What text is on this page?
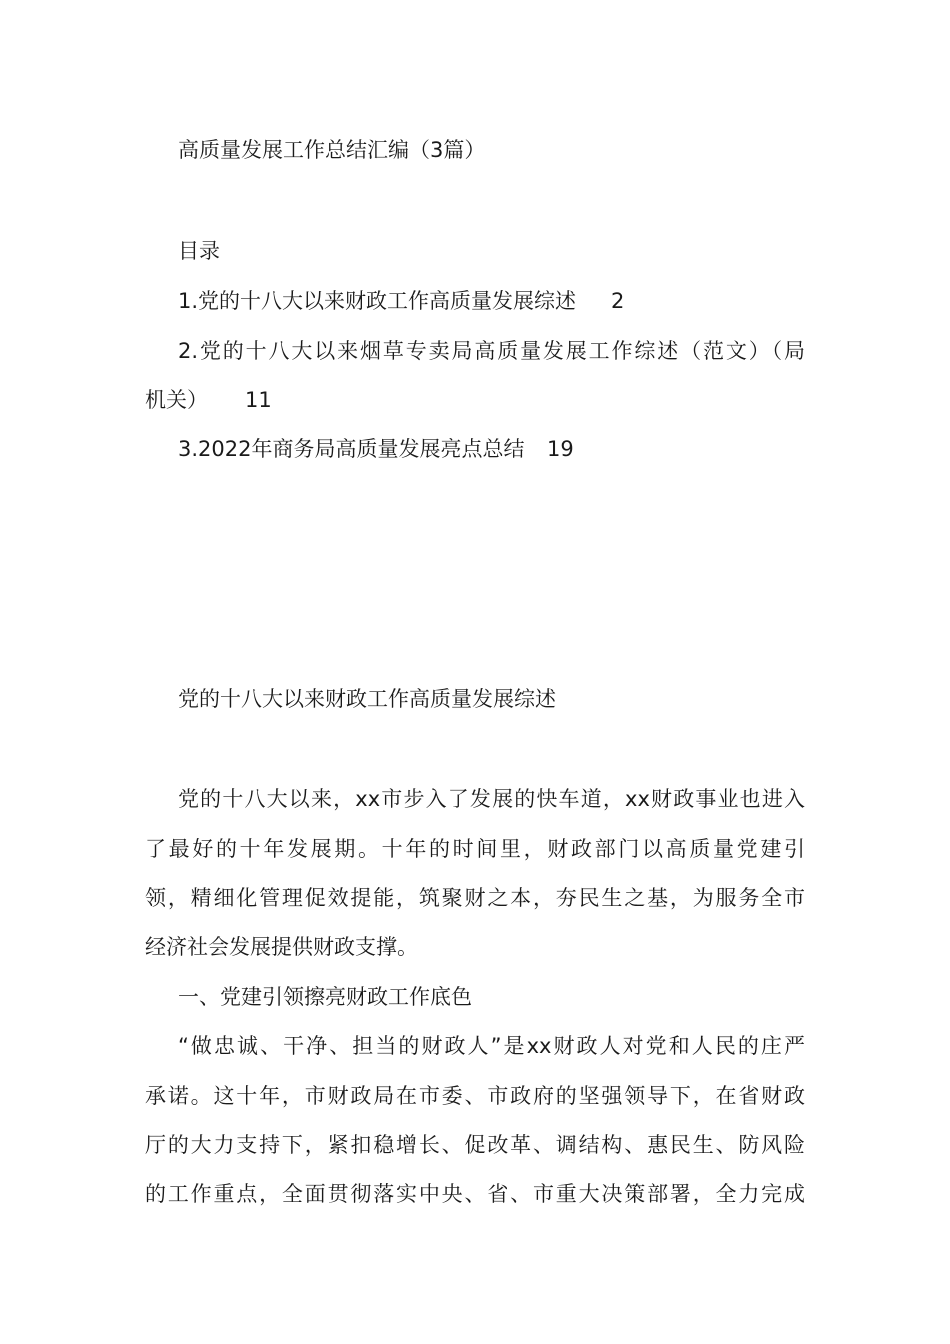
高质量发展工作总结汇编（3篇）
目录
1.党的十八大以来财政工作高质量发展综述 2
2.党的十八大以来烟草专卖局高质量发展工作综述（范文）（局
机关） 11
3.2022年商务局高质量发展亮点总结 19
党的十八大以来财政工作高质量发展综述
党的十八大以来，xx市步入了发展的快车道，xx财政事业也进入
了最好的十年发展期。十年的时间里，财政部门以高质量党建引
领，精细化管理促效提能，筑聚财之本，夯民生之基，为服务全市
经济社会发展提供财政支撑。
一、党建引领擦亮财政工作底色
“做忠诚、干净、担当的财政人”是xx财政人对党和人民的庄严
承诺。这十年，市财政局在市委、市政府的坚强领导下，在省财政
厅的大力支持下，紧扣稳增长、促改革、调结构、惠民生、防风险
的工作重点，全面贯彻落实中央、省、市重大决策部署，全力完成
